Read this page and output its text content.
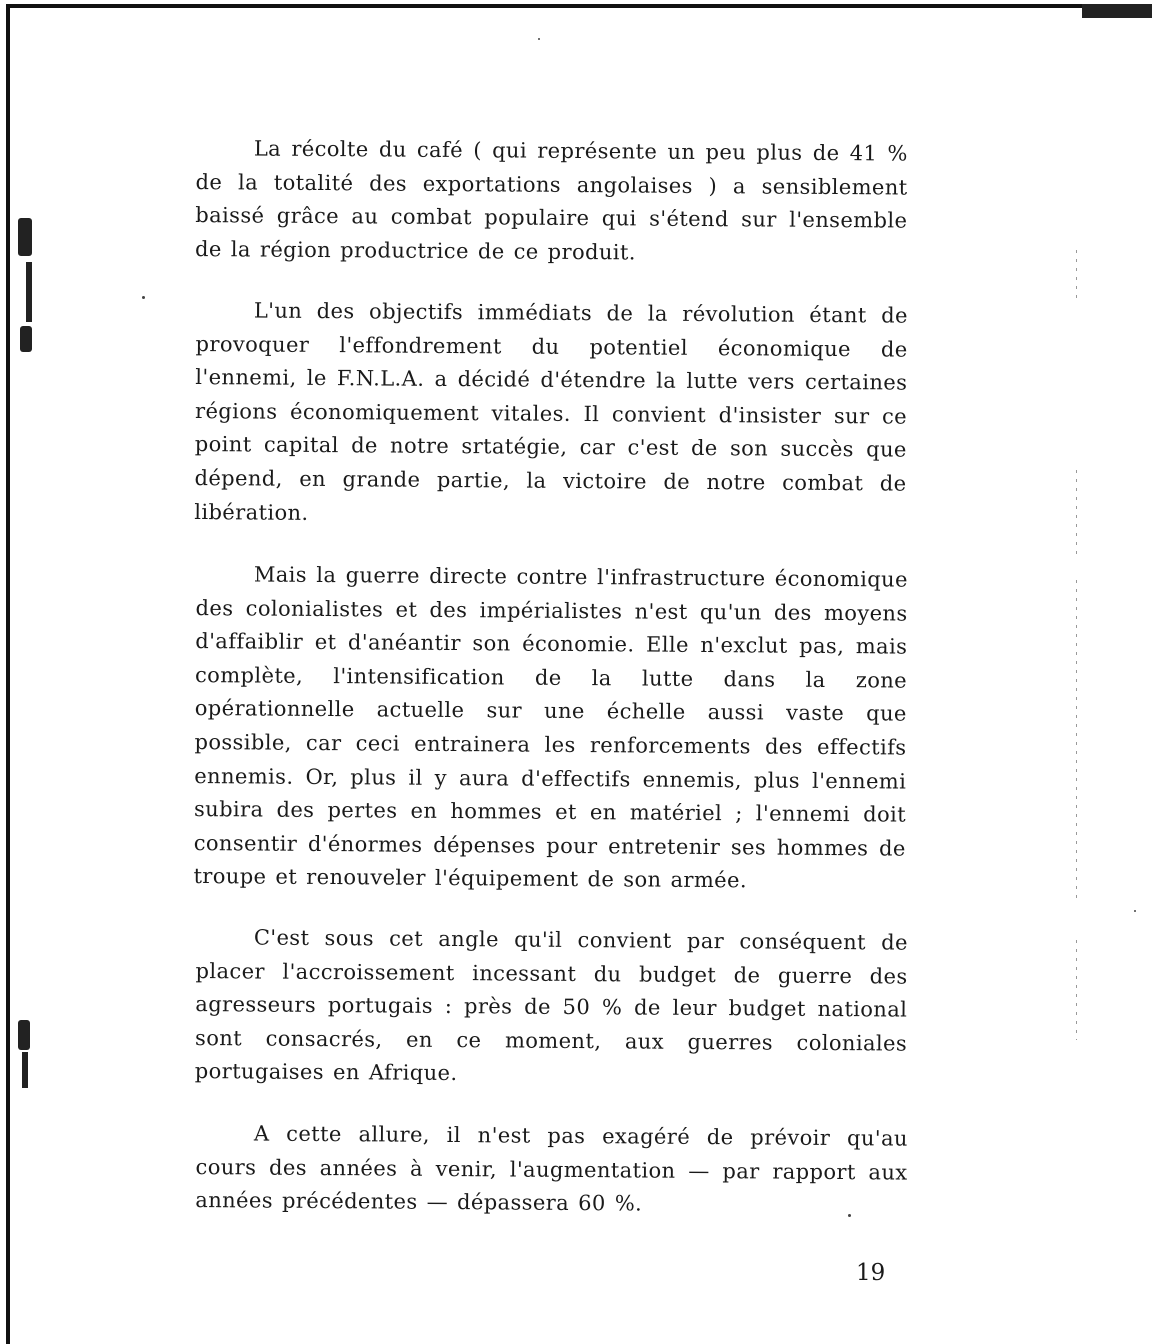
La récolte du café ( qui représente un peu plus de 41 % de la totalité des exportations angolaises ) a sensiblement baissé grâce au combat populaire qui s'étend sur l'ensemble de la région productrice de ce produit.

L'un des objectifs immédiats de la révolution étant de provoquer l'effondrement du potentiel économique de l'ennemi, le F.N.L.A. a décidé d'étendre la lutte vers certaines régions économiquement vitales. Il convient d'insister sur ce point capital de notre srtatégie, car c'est de son succès que dépend, en grande partie, la victoire de notre combat de libération.

Mais la guerre directe contre l'infrastructure économique des colonialistes et des impérialistes n'est qu'un des moyens d'affaiblir et d'anéantir son économie. Elle n'exclut pas, mais complète, l'intensification de la lutte dans la zone opérationnelle actuelle sur une échelle aussi vaste que possible, car ceci entrainera les renforcements des effectifs ennemis. Or, plus il y aura d'effectifs ennemis, plus l'ennemi subira des pertes en hommes et en matériel ; l'ennemi doit consentir d'énormes dépenses pour entretenir ses hommes de troupe et renouveler l'équipement de son armée.

C'est sous cet angle qu'il convient par conséquent de placer l'accroissement incessant du budget de guerre des agresseurs portugais : près de 50 % de leur budget national sont consacrés, en ce moment, aux guerres coloniales portugaises en Afrique.

A cette allure, il n'est pas exagéré de prévoir qu'au cours des années à venir, l'augmentation — par rapport aux années précédentes — dépassera 60 %.

19
